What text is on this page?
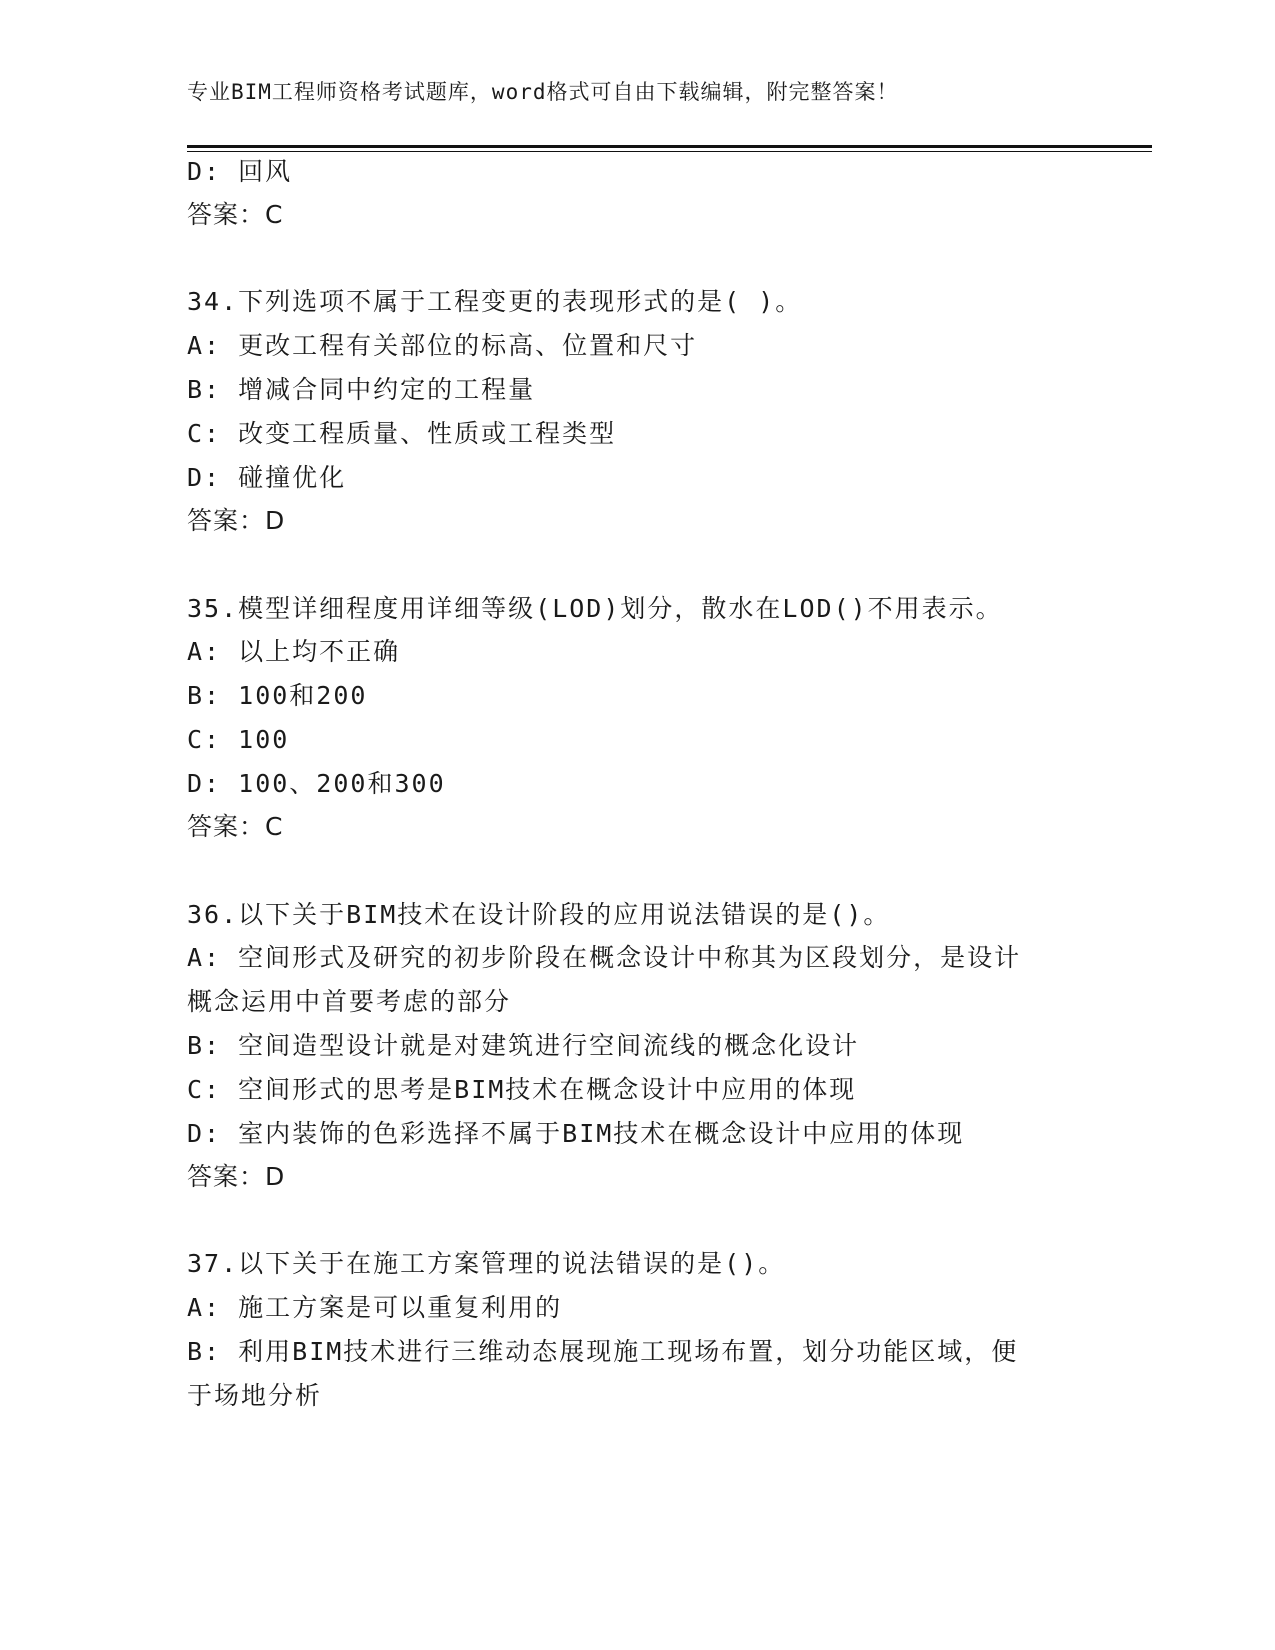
专业BIM工程师资格考试题库，word格式可自由下载编辑，附完整答案！
D: 回风
答案：C
34.下列选项不属于工程变更的表现形式的是( )。
A: 更改工程有关部位的标高、位置和尺寸
B: 增减合同中约定的工程量
C: 改变工程质量、性质或工程类型
D: 碰撞优化
答案：D
35.模型详细程度用详细等级(LOD)划分，散水在LOD()不用表示。
A: 以上均不正确
B: 100和200
C: 100
D: 100、200和300
答案：C
36.以下关于BIM技术在设计阶段的应用说法错误的是()。
A: 空间形式及研究的初步阶段在概念设计中称其为区段划分，是设计
概念运用中首要考虑的部分
B: 空间造型设计就是对建筑进行空间流线的概念化设计
C: 空间形式的思考是BIM技术在概念设计中应用的体现
D: 室内装饰的色彩选择不属于BIM技术在概念设计中应用的体现
答案：D
37.以下关于在施工方案管理的说法错误的是()。
A: 施工方案是可以重复利用的
B: 利用BIM技术进行三维动态展现施工现场布置，划分功能区域，便
于场地分析
